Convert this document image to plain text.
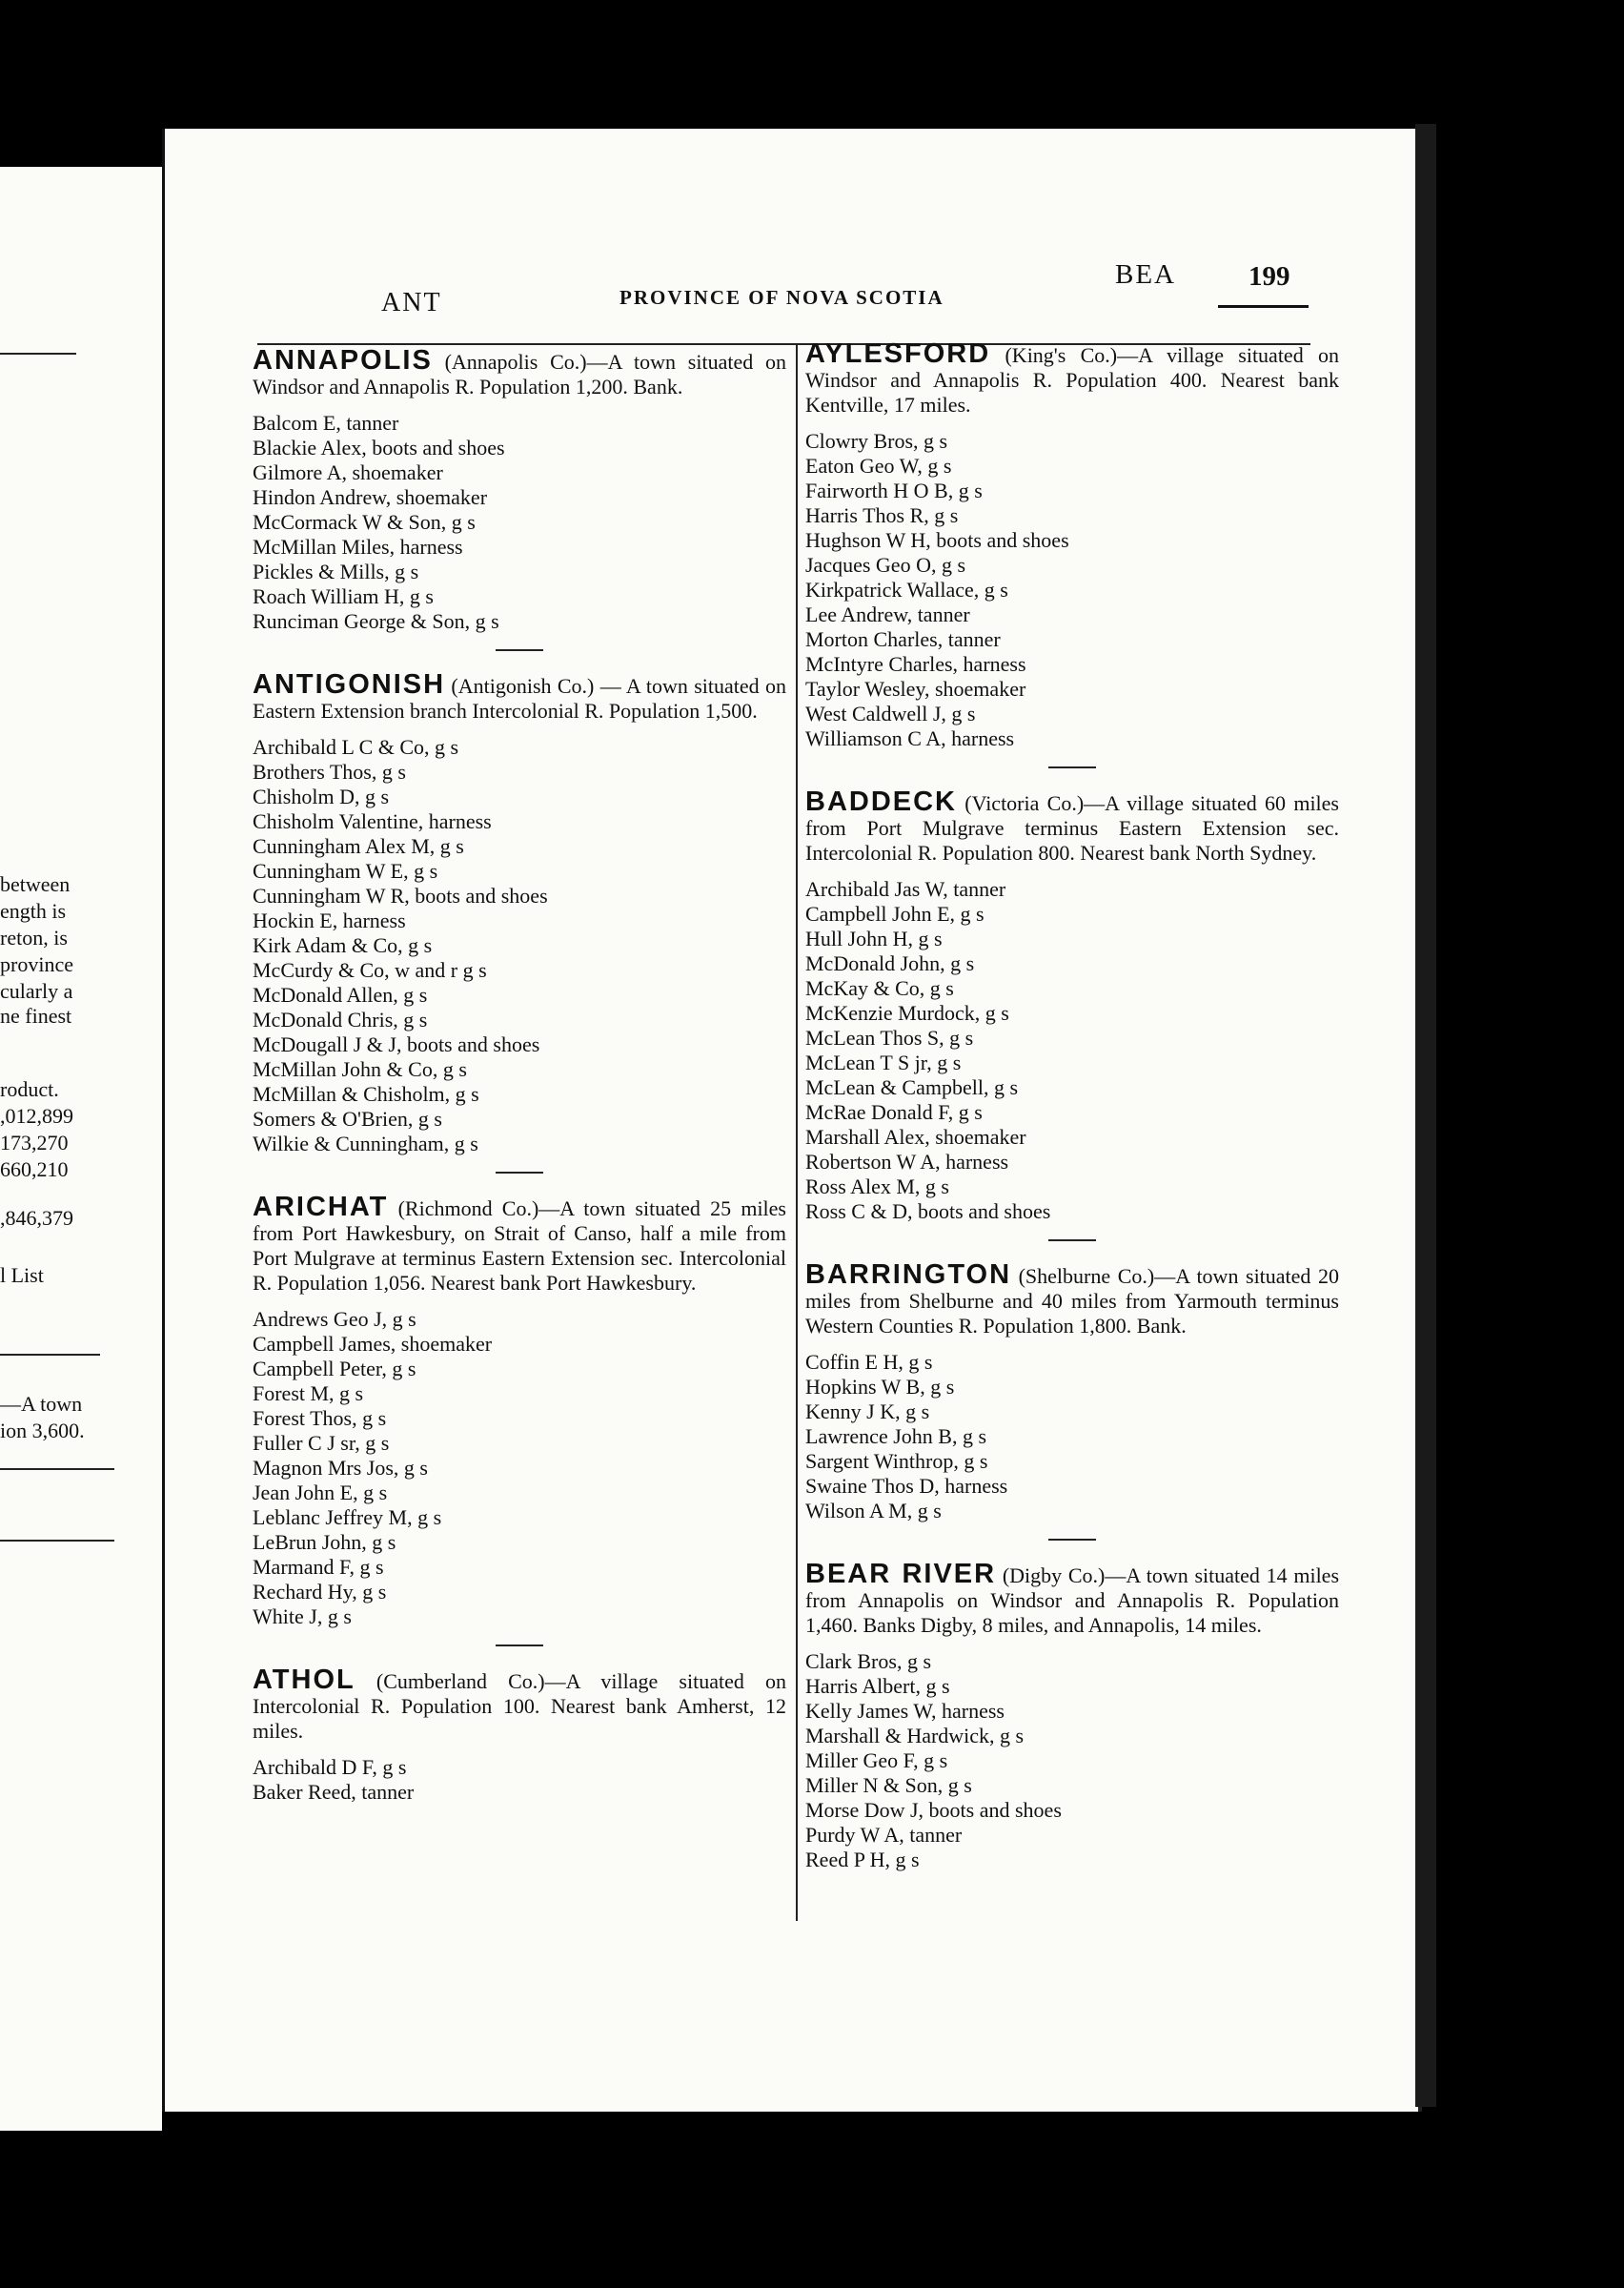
between
ength is
reton, is
province
cularly a
ne finest
roduct.
,012,899
173,270
660,210
,846,379
l List
—A town
ion 3,600.
ANT	PROVINCE OF NOVA SCOTIA
BEA	199
ANNAPOLIS (Annapolis Co.)—A town situated on Windsor and Annapolis R. Population 1,200. Bank.
Balcom E, tanner
Blackie Alex, boots and shoes
Gilmore A, shoemaker
Hindon Andrew, shoemaker
McCormack W & Son, g s
McMillan Miles, harness
Pickles & Mills, g s
Roach William H, g s
Runciman George & Son, g s
ANTIGONISH (Antigonish Co.) — A town situated on Eastern Extension branch Intercolonial R. Population 1,500.
Archibald L C & Co, g s
Brothers Thos, g s
Chisholm D, g s
Chisholm Valentine, harness
Cunningham Alex M, g s
Cunningham W E, g s
Cunningham W R, boots and shoes
Hockin E, harness
Kirk Adam & Co, g s
McCurdy & Co, w and r g s
McDonald Allen, g s
McDonald Chris, g s
McDougall J & J, boots and shoes
McMillan John & Co, g s
McMillan & Chisholm, g s
Somers & O'Brien, g s
Wilkie & Cunningham, g s
ARICHAT (Richmond Co.)—A town situated 25 miles from Port Hawkesbury, on Strait of Canso, half a mile from Port Mulgrave at terminus Eastern Extension sec. Intercolonial R. Population 1,056. Nearest bank Port Hawkesbury.
Andrews Geo J, g s
Campbell James, shoemaker
Campbell Peter, g s
Forest M, g s
Forest Thos, g s
Fuller C J sr, g s
Magnon Mrs Jos, g s
Jean John E, g s
Leblanc Jeffrey M, g s
LeBrun John, g s
Marmand F, g s
Rechard Hy, g s
White J, g s
ATHOL (Cumberland Co.)—A village situated on Intercolonial R. Population 100. Nearest bank Amherst, 12 miles.
Archibald D F, g s
Baker Reed, tanner
AYLESFORD (King's Co.)—A village situated on Windsor and Annapolis R. Population 400. Nearest bank Kentville, 17 miles.
Clowry Bros, g s
Eaton Geo W, g s
Fairworth H O B, g s
Harris Thos R, g s
Hughson W H, boots and shoes
Jacques Geo O, g s
Kirkpatrick Wallace, g s
Lee Andrew, tanner
Morton Charles, tanner
McIntyre Charles, harness
Taylor Wesley, shoemaker
West Caldwell J, g s
Williamson C A, harness
BADDECK (Victoria Co.)—A village situated 60 miles from Port Mulgrave terminus Eastern Extension sec. Intercolonial R. Population 800. Nearest bank North Sydney.
Archibald Jas W, tanner
Campbell John E, g s
Hull John H, g s
McDonald John, g s
McKay & Co, g s
McKenzie Murdock, g s
McLean Thos S, g s
McLean T S jr, g s
McLean & Campbell, g s
McRae Donald F, g s
Marshall Alex, shoemaker
Robertson W A, harness
Ross Alex M, g s
Ross C & D, boots and shoes
BARRINGTON (Shelburne Co.)—A town situated 20 miles from Shelburne and 40 miles from Yarmouth terminus Western Counties R. Population 1,800. Bank.
Coffin E H, g s
Hopkins W B, g s
Kenny J K, g s
Lawrence John B, g s
Sargent Winthrop, g s
Swaine Thos D, harness
Wilson A M, g s
BEAR RIVER (Digby Co.)—A town situated 14 miles from Annapolis on Windsor and Annapolis R. Population 1,460. Banks Digby, 8 miles, and Annapolis, 14 miles.
Clark Bros, g s
Harris Albert, g s
Kelly James W, harness
Marshall & Hardwick, g s
Miller Geo F, g s
Miller N & Son, g s
Morse Dow J, boots and shoes
Purdy W A, tanner
Reed P H, g s
